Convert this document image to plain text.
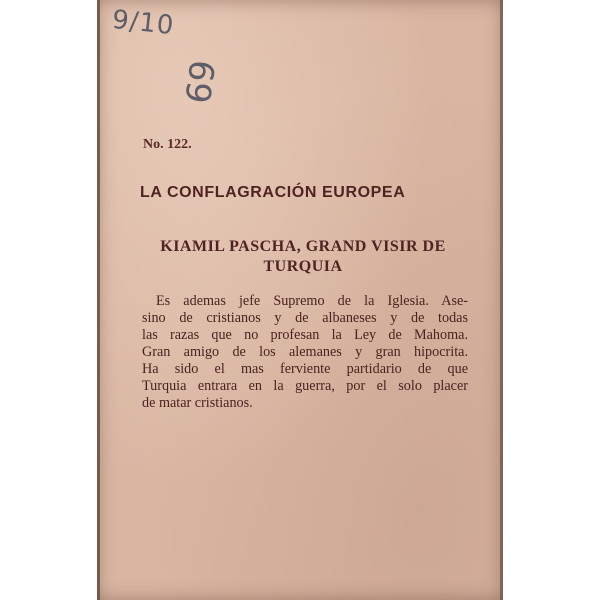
9/10
69
No. 122.
LA CONFLAGRACIÓN EUROPEA
KIAMIL PASCHA, GRAND VISIR DE
TURQUIA
Es ademas jefe Supremo de la Iglesia. Ase-
sino de cristianos y de albaneses y de todas
las razas que no profesan la Ley de Mahoma.
Gran amigo de los alemanes y gran hipocrita.
Ha sido el mas ferviente partidario de que
Turquia entrara en la guerra, por el solo placer
de matar cristianos.
